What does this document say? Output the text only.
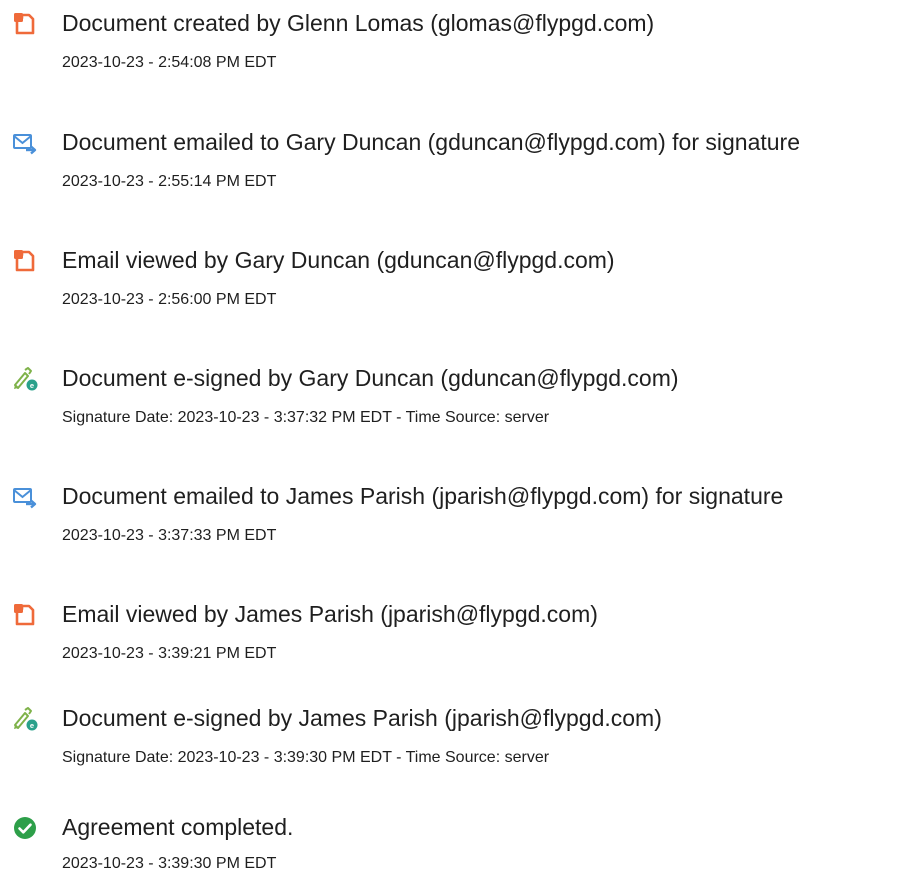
Document created by Glenn Lomas (glomas@flypgd.com)
2023-10-23 - 2:54:08 PM EDT
Document emailed to Gary Duncan (gduncan@flypgd.com) for signature
2023-10-23 - 2:55:14 PM EDT
Email viewed by Gary Duncan (gduncan@flypgd.com)
2023-10-23 - 2:56:00 PM EDT
e Document e-signed by Gary Duncan (gduncan@flypgd.com)
Signature Date: 2023-10-23 - 3:37:32 PM EDT - Time Source: server
Document emailed to James Parish (jparish@flypgd.com) for signature
2023-10-23 - 3:37:33 PM EDT
Email viewed by James Parish (jparish@flypgd.com)
2023-10-23 - 3:39:21 PM EDT
e Document e-signed by James Parish (jparish@flypgd.com)
Signature Date: 2023-10-23 - 3:39:30 PM EDT - Time Source: server
Agreement completed.
2023-10-23 - 3:39:30 PM EDT
